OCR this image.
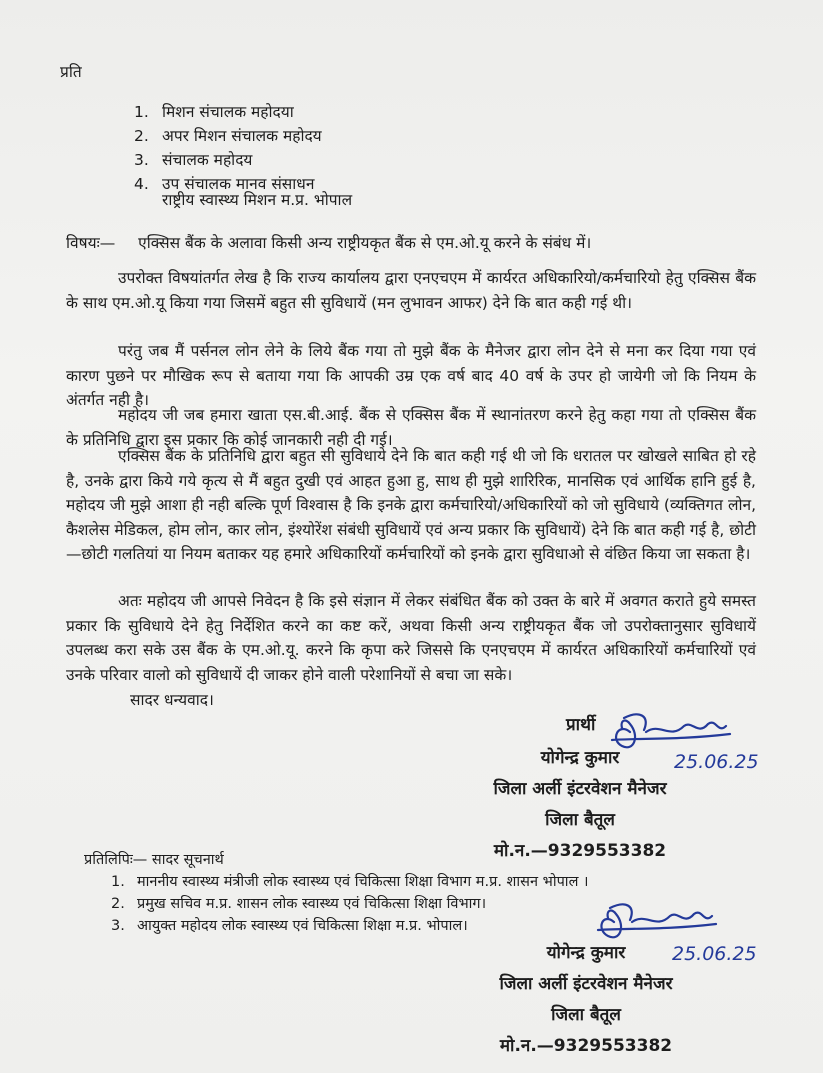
प्रति
1. मिशन संचालक महोदया
2. अपर मिशन संचालक महोदय
3. संचालक महोदय
4. उप संचालक मानव संसाधन
राष्ट्रीय स्वास्थ्य मिशन म.प्र. भोपाल
विषयः— एक्सिस बैंक के अलावा किसी अन्य राष्ट्रीयकृत बैंक से एम.ओ.यू करने के संबंध में।
उपरोक्त विषयांतर्गत लेख है कि राज्य कार्यालय द्वारा एनएचएम में कार्यरत अधिकारियो/कर्मचारियो हेतु एक्सिस बैंक के साथ एम.ओ.यू किया गया जिसमें बहुत सी सुविधायें (मन लुभावन आफर) देने कि बात कही गई थी।
परंतु जब मैं पर्सनल लोन लेने के लिये बैंक गया तो मुझे बैंक के मैनेजर द्वारा लोन देने से मना कर दिया गया एवं कारण पुछने पर मौखिक रूप से बताया गया कि आपकी उम्र एक वर्ष बाद 40 वर्ष के उपर हो जायेगी जो कि नियम के अंतर्गत नही है।
महोदय जी जब हमारा खाता एस.बी.आई. बैंक से एक्सिस बैंक में स्थानांतरण करने हेतु कहा गया तो एक्सिस बैंक के प्रतिनिधि द्वारा इस प्रकार कि कोई जानकारी नही दी गई।
एक्सिस बैंक के प्रतिनिधि द्वारा बहुत सी सुविधाये देने कि बात कही गई थी जो कि धरातल पर खोखले साबित हो रहे है, उनके द्वारा किये गये कृत्य से मैं बहुत दुखी एवं आहत हुआ हु, साथ ही मुझे शारिरिक, मानसिक एवं आर्थिक हानि हुई है, महोदय जी मुझे आशा ही नही बल्कि पूर्ण विश्वास है कि इनके द्वारा कर्मचारियो/अधिकारियों को जो सुविधाये (व्यक्तिगत लोन, कैशलेस मेडिकल, होम लोन, कार लोन, इंश्योरेंश संबंधी सुविधायें एवं अन्य प्रकार कि सुविधायें) देने कि बात कही गई है, छोटी—छोटी गलतियां या नियम बताकर यह हमारे अधिकारियों कर्मचारियों को इनके द्वारा सुविधाओ से वंछित किया जा सकता है।
अतः महोदय जी आपसे निवेदन है कि इसे संज्ञान में लेकर संबंधित बैंक को उक्त के बारे में अवगत कराते हुये समस्त प्रकार कि सुविधाये देने हेतु निर्देशित करने का कष्ट करें, अथवा किसी अन्य राष्ट्रीयकृत बैंक जो उपरोक्तानुसार सुविधायें उपलब्ध करा सके उस बैंक के एम.ओ.यू. करने कि कृपा करे जिससे कि एनएचएम में कार्यरत अधिकारियों कर्मचारियों एवं उनके परिवार वालो को सुविधायें दी जाकर होने वाली परेशानियों से बचा जा सके।
सादर धन्यवाद।
प्रार्थी
25.06.25
योगेन्द्र कुमार
जिला अर्ली इंटरवेशन मैनेजर
जिला बैतूल
मो.न.—9329553382
प्रतिलिपिः— सादर सूचनार्थ
1. माननीय स्वास्थ्य मंत्रीजी लोक स्वास्थ्य एवं चिकित्सा शिक्षा विभाग म.प्र. शासन भोपाल ।
2. प्रमुख सचिव म.प्र. शासन लोक स्वास्थ्य एवं चिकित्सा शिक्षा विभाग।
3. आयुक्त महोदय लोक स्वास्थ्य एवं चिकित्सा शिक्षा म.प्र. भोपाल।
25.06.25
योगेन्द्र कुमार
जिला अर्ली इंटरवेशन मैनेजर
जिला बैतूल
मो.न.—9329553382
